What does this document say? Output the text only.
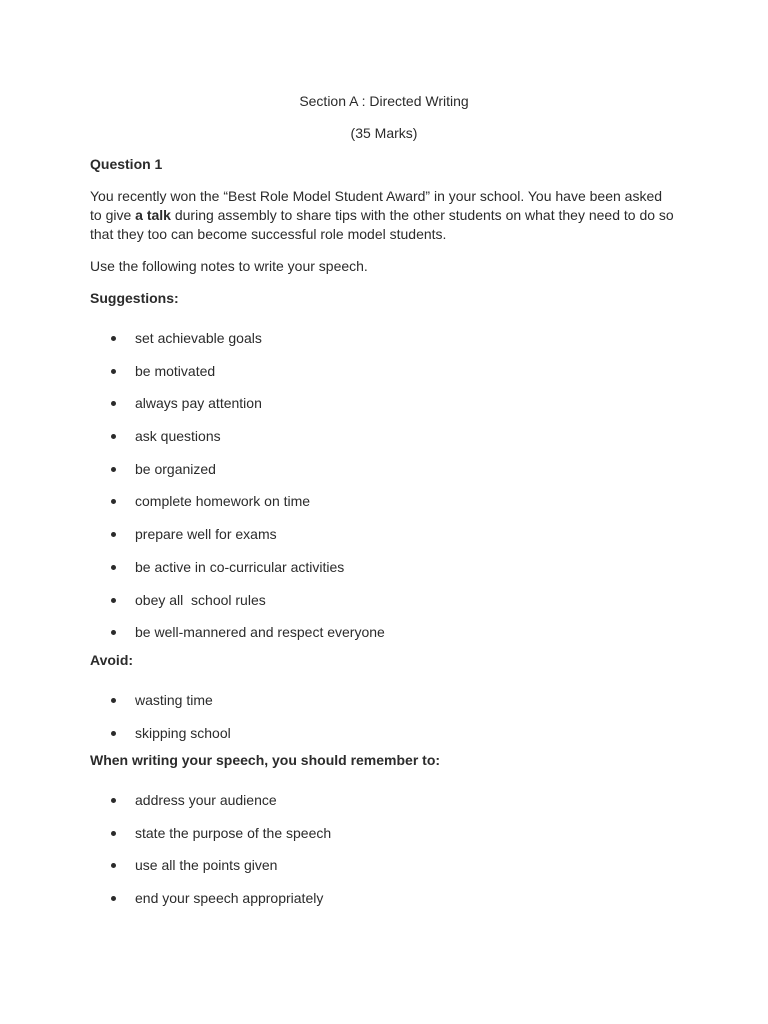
Section A : Directed Writing
(35 Marks)
Question 1
You recently won the “Best Role Model Student Award” in your school. You have been asked to give a talk during assembly to share tips with the other students on what they need to do so that they too can become successful role model students.
Use the following notes to write your speech.
Suggestions:
set achievable goals
be motivated
always pay attention
ask questions
be organized
complete homework on time
prepare well for exams
be active in co-curricular activities
obey all  school rules
be well-mannered and respect everyone
Avoid:
wasting time
skipping school
When writing your speech, you should remember to:
address your audience
state the purpose of the speech
use all the points given
end your speech appropriately
